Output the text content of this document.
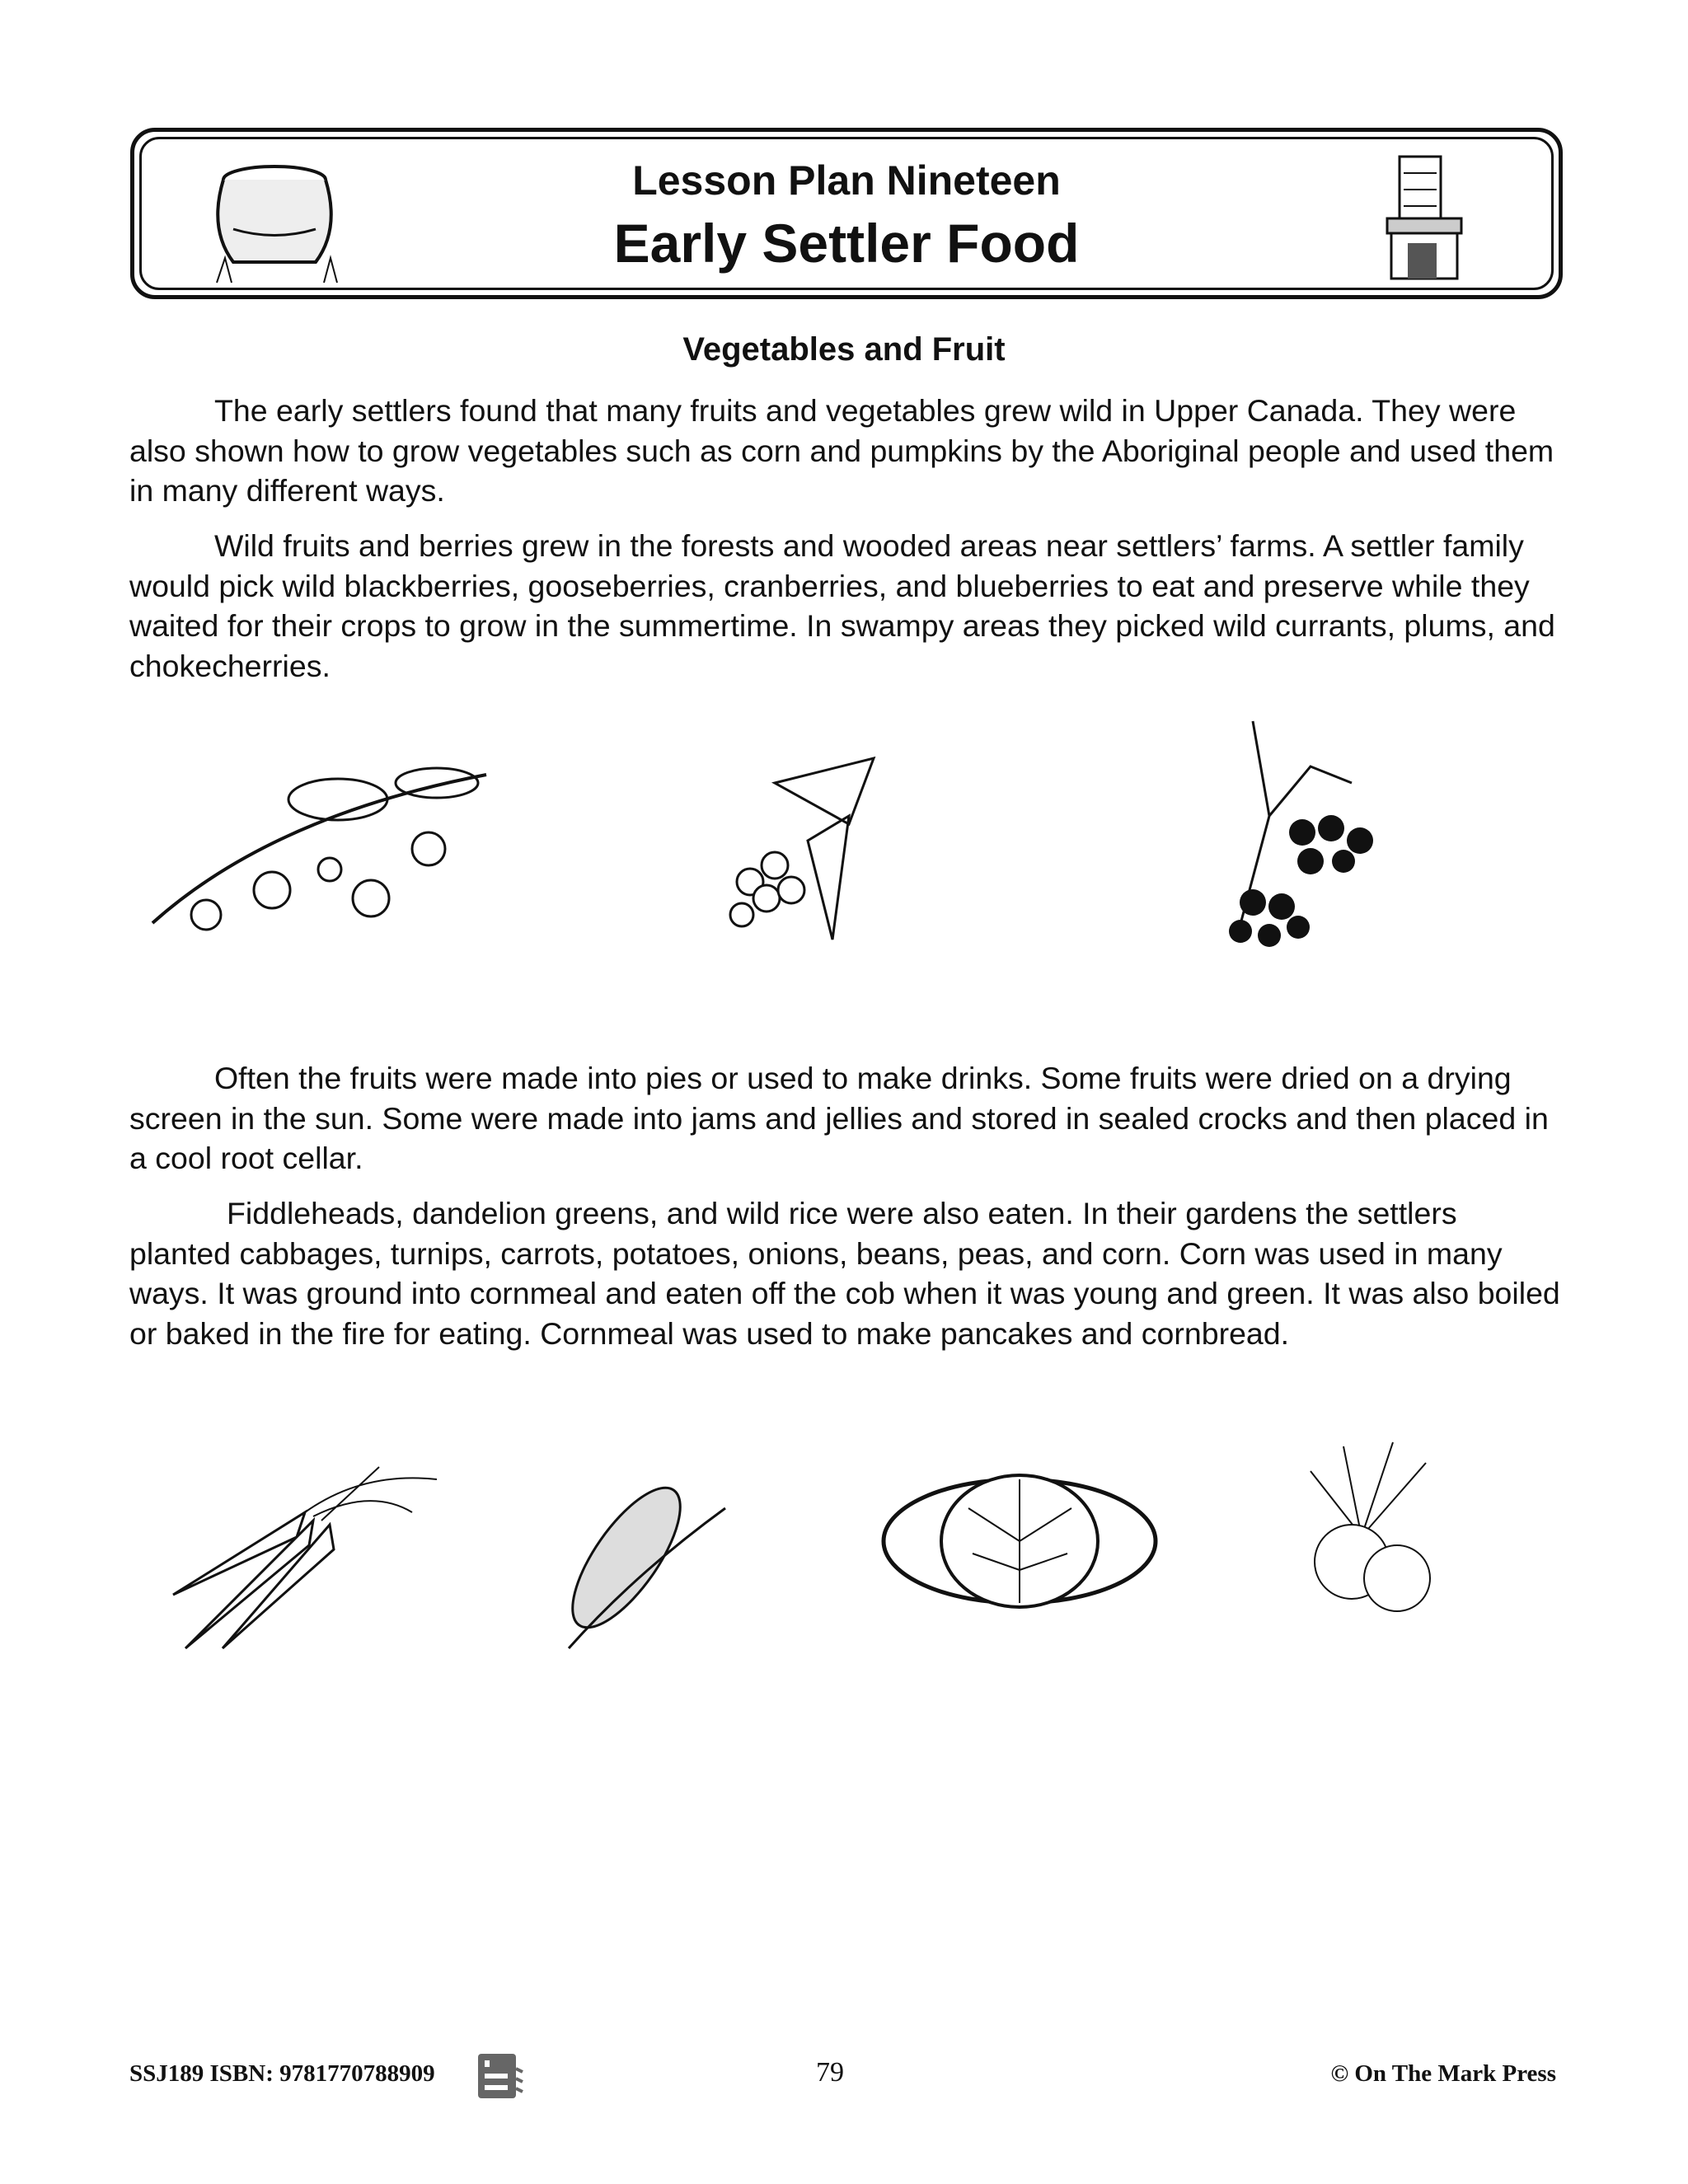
Lesson Plan Nineteen
Early Settler Food
Vegetables and Fruit

The early settlers found that many fruits and vegetables grew wild in Upper Canada. They were also shown how to grow vegetables such as corn and pumpkins by the Aboriginal people and used them in many different ways.

Wild fruits and berries grew in the forests and wooded areas near settlers’ farms. A settler family would pick wild blackberries, gooseberries, cranberries, and blueberries to eat and preserve while they waited for their crops to grow in the summertime. In swampy areas they picked wild currants, plums, and chokecherries.

Often the fruits were made into pies or used to make drinks. Some fruits were dried on a drying screen in the sun. Some were made into jams and jellies and stored in sealed crocks and then placed in a cool root cellar.

Fiddleheads, dandelion greens, and wild rice were also eaten. In their gardens the settlers planted cabbages, turnips, carrots, potatoes, onions, beans, peas, and corn. Corn was used in many ways. It was ground into cornmeal and eaten off the cob when it was young and green. It was also boiled or baked in the fire for eating. Cornmeal was used to make pancakes and cornbread.

SSJ189 ISBN: 9781770788909	79	© On The Mark Press
